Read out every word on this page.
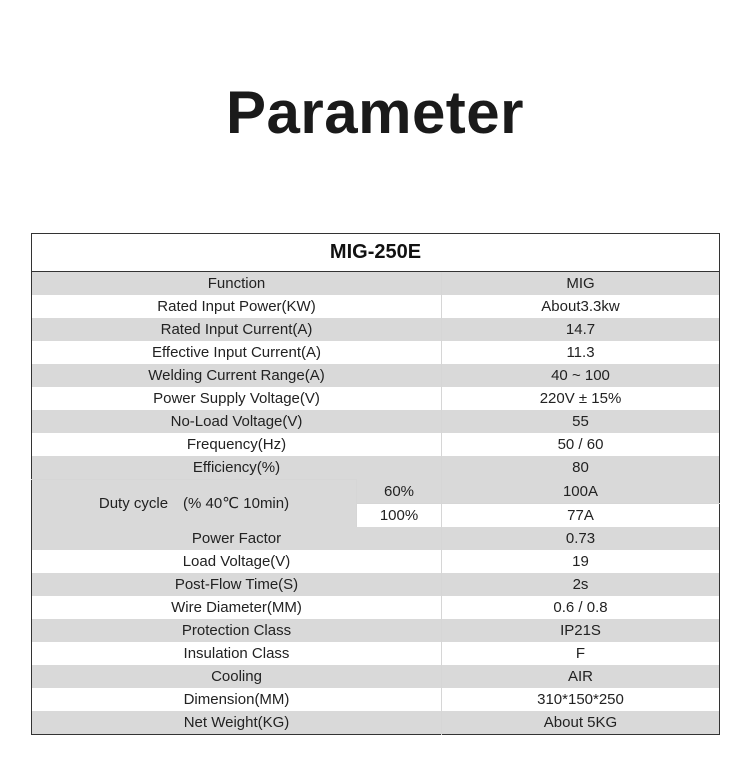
Parameter
MIG-250E		
Function		MIG
Rated Input Power(KW)		About3.3kw
Rated Input Current(A)		14.7
Effective Input Current(A)		11.3
Welding Current Range(A)		40 ~ 100
Power Supply Voltage(V)		220V ± 15%
No-Load Voltage(V)		55
Frequency(Hz)		50 / 60
Efficiency(%)		80
Duty cycle　(% 40℃ 10min)	60%	100A
	100%	77A
Power Factor		0.73
Load Voltage(V)		19
Post-Flow Time(S)		2s
Wire Diameter(MM)		0.6 / 0.8
Protection Class		IP21S
Insulation Class		F
Cooling		AIR
Dimension(MM)		310*150*250
Net Weight(KG)		About 5KG
